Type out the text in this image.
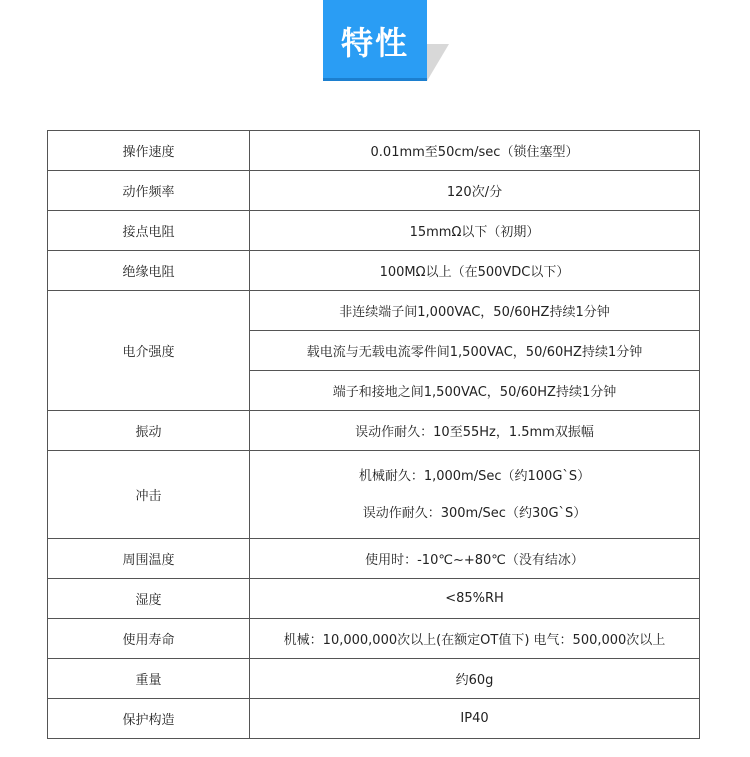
特性
操作速度	0.01mm至50cm/sec（锁住塞型）
动作频率	120次/分
接点电阻	15mmΩ以下（初期）
绝缘电阻	100MΩ以上（在500VDC以下）
电介强度	非连续端子间1,000VAC，50/60HZ持续1分钟
	载电流与无载电流零件间1,500VAC，50/60HZ持续1分钟
	端子和接地之间1,500VAC，50/60HZ持续1分钟
振动	误动作耐久：10至55Hz，1.5mm双振幅
冲击	机械耐久：1,000m/Sec（约100G`S）
误动作耐久：300m/Sec（约30G`S）

周围温度	使用时：-10℃~+80℃（没有结冰）
湿度	<85%RH
使用寿命	机械：10,000,000次以上(在额定OT值下) 电气：500,000次以上
重量	约60g
保护构造	IP40
